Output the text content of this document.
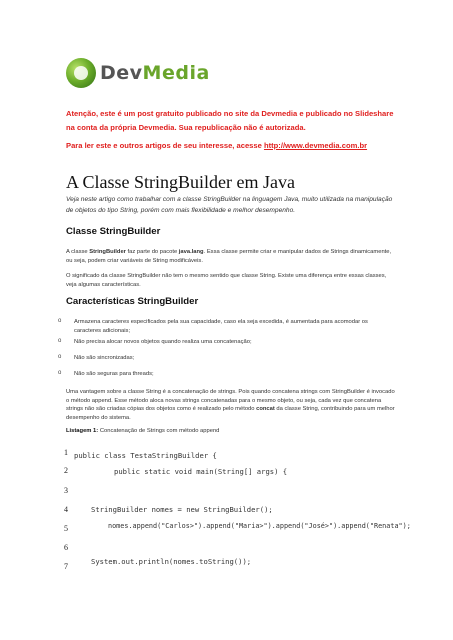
DevMedia
Atenção, este é um post gratuito publicado no site da Devmedia e publicado no Slideshare
na conta da própria Devmedia. Sua republicação não é autorizada.
Para ler este e outros artigos de seu interesse, acesse http://www.devmedia.com.br
A Classe StringBuilder em Java
Veja neste artigo como trabalhar com a classe StringBuilder na linguagem Java, muito utilizada na manipulação de objetos do tipo String, porém com mais flexibilidade e melhor desempenho.
Classe StringBuilder
A classe StringBuilder faz parte do pacote java.lang. Essa classe permite criar e manipular dados de Strings dinamicamente, ou seja, podem criar variáveis de String modificáveis.
O significado da classe StringBuilder não tem o mesmo sentido que classe String. Existe uma diferença entre essas classes, veja algumas características.
Características StringBuilder
o Armazena caracteres especificados pela sua capacidade, caso ela seja excedida, é aumentada para acomodar os caracteres adicionais;
o Não precisa alocar novos objetos quando realiza uma concatenação;
o Não são sincronizadas;
o Não são seguras para threads;
Uma vantagem sobre a classe String é a concatenação de strings. Pois quando concatena strings com StringBuilder é invocado o método append. Esse método aloca novas strings concatenadas para o mesmo objeto, ou seja, cada vez que concatena strings não são criadas cópias dos objetos como é realizado pelo método concat da classe String, contribuindo para um melhor desempenho do sistema.
Listagem 1: Concatenação de Strings com método append
1 public class TestaStringBuilder {
2	public static void main(String[] args) {
3
4	StringBuilder nomes = new StringBuilder();
5	nomes.append("Carlos>").append("Maria>").append("José>").append("Renata");
6
7
System.out.println(nomes.toString());
